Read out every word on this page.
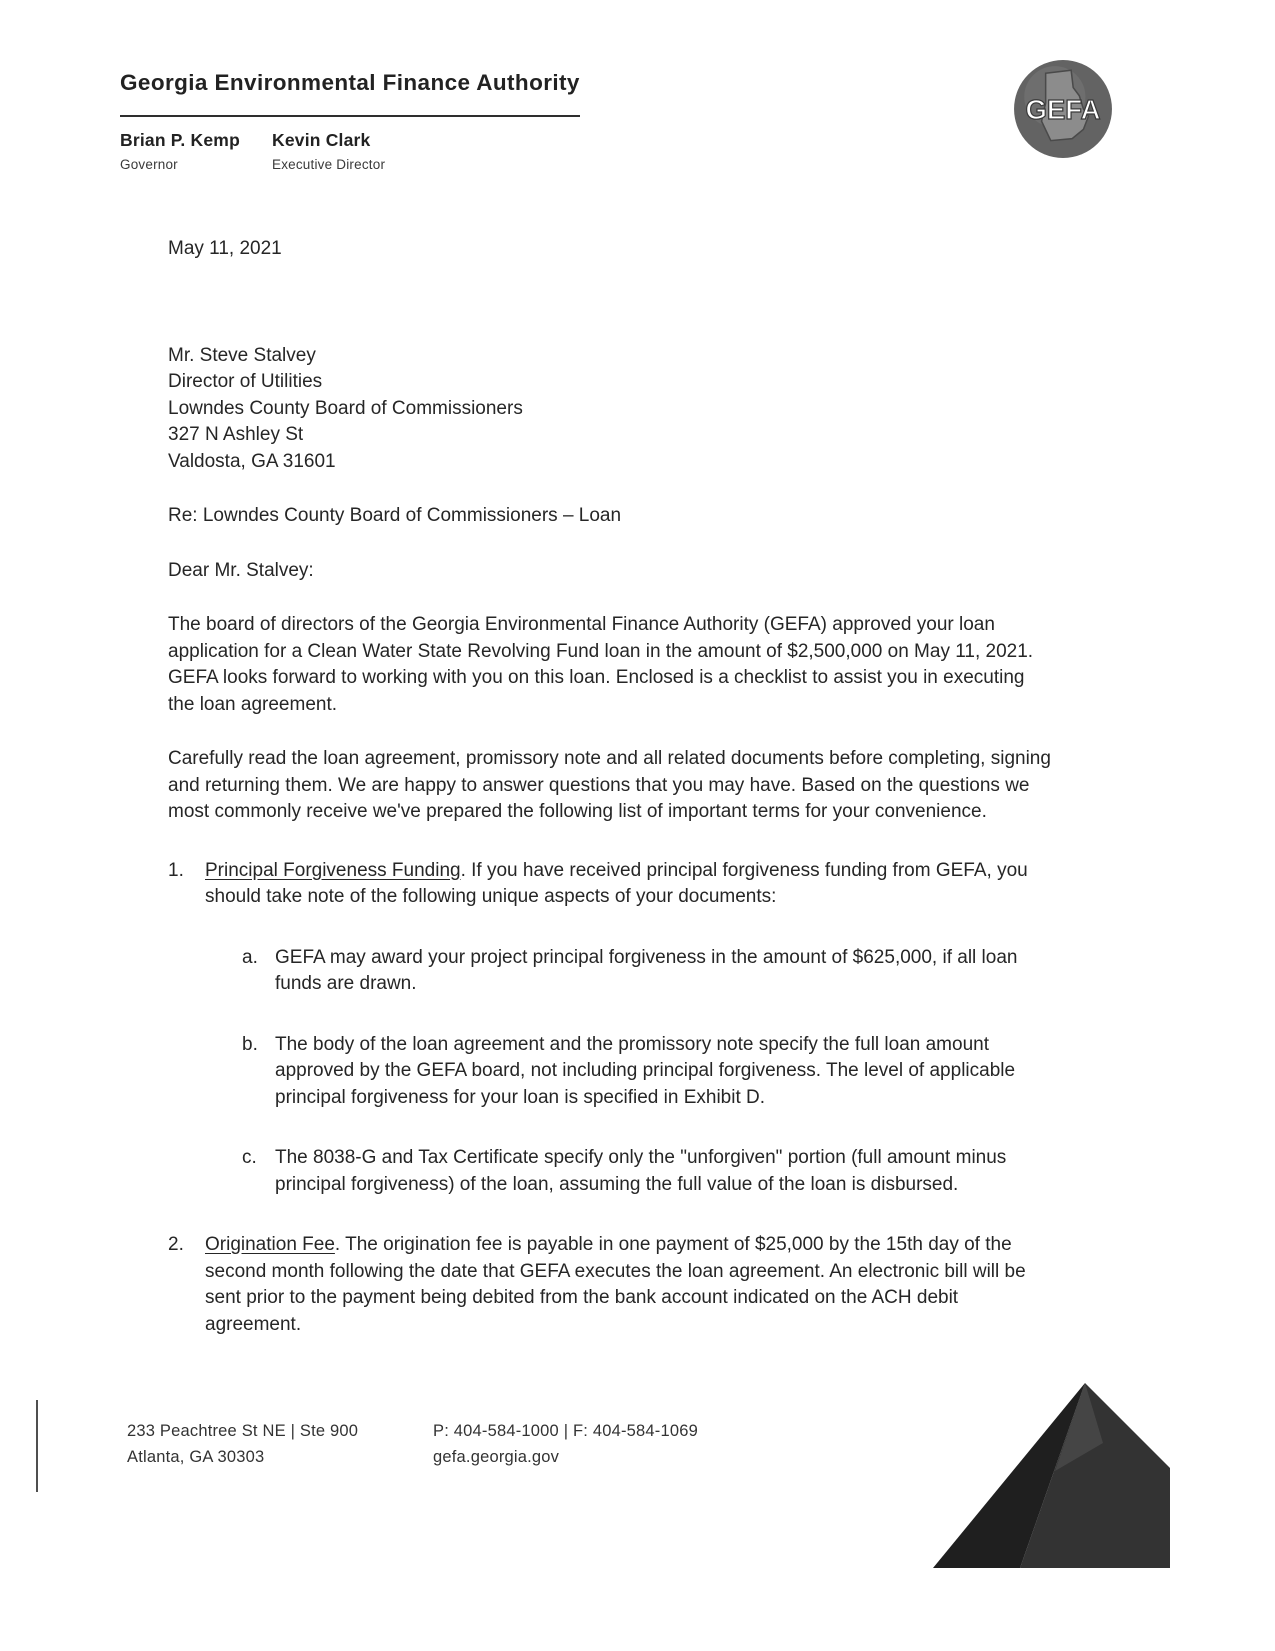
Georgia Environmental Finance Authority
Brian P. Kemp
Governor
Kevin Clark
Executive Director
GEFA

May 11, 2021

Mr. Steve Stalvey

Director of Utilities

Lowndes County Board of Commissioners

327 N Ashley St

Valdosta, GA 31601

Re: Lowndes County Board of Commissioners – Loan

Dear Mr. Stalvey:

The board of directors of the Georgia Environmental Finance Authority (GEFA) approved your loan application for a Clean Water State Revolving Fund loan in the amount of $2,500,000 on May 11, 2021. GEFA looks forward to working with you on this loan. Enclosed is a checklist to assist you in executing the loan agreement.

Carefully read the loan agreement, promissory note and all related documents before completing, signing and returning them. We are happy to answer questions that you may have. Based on the questions we most commonly receive we've prepared the following list of important terms for your convenience.

1.	Principal Forgiveness Funding. If you have received principal forgiveness funding from GEFA, you should take note of the following unique aspects of your documents:
a. GEFA may award your project principal forgiveness in the amount of $625,000, if all loan funds are drawn.
b. The body of the loan agreement and the promissory note specify the full loan amount approved by the GEFA board, not including principal forgiveness. The level of applicable principal forgiveness for your loan is specified in Exhibit D.
c. The 8038-G and Tax Certificate specify only the "unforgiven" portion (full amount minus principal forgiveness) of the loan, assuming the full value of the loan is disbursed.
2.	Origination Fee. The origination fee is payable in one payment of $25,000 by the 15th day of the second month following the date that GEFA executes the loan agreement. An electronic bill will be sent prior to the payment being debited from the bank account indicated on the ACH debit agreement.
233 Peachtree St NE | Ste 900
Atlanta, GA 30303
P: 404-584-1000 | F: 404-584-1069
gefa.georgia.gov
